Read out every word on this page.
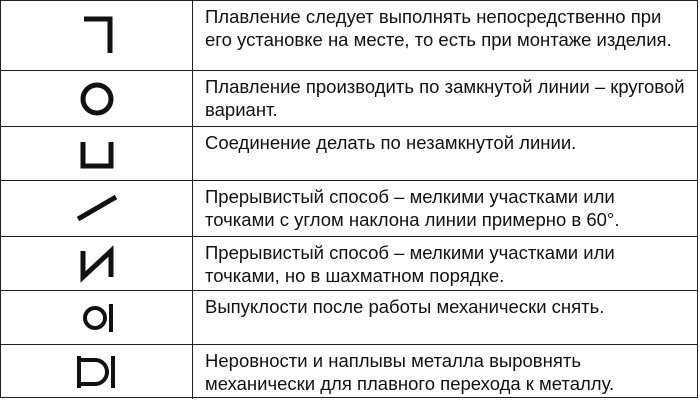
Плавление следует выполнять непосредственно при его установке на месте, то есть при монтаже изделия.
Плавление производить по замкнутой линии – круговой вариант.
Соединение делать по незамкнутой линии.
Прерывистый способ – мелкими участками или точками с углом наклона линии примерно в 60°.
Прерывистый способ – мелкими участками или точками, но в шахматном порядке.
Выпуклости после работы механически снять.
Неровности и наплывы металла выровнять механически для плавного перехода к металлу.
